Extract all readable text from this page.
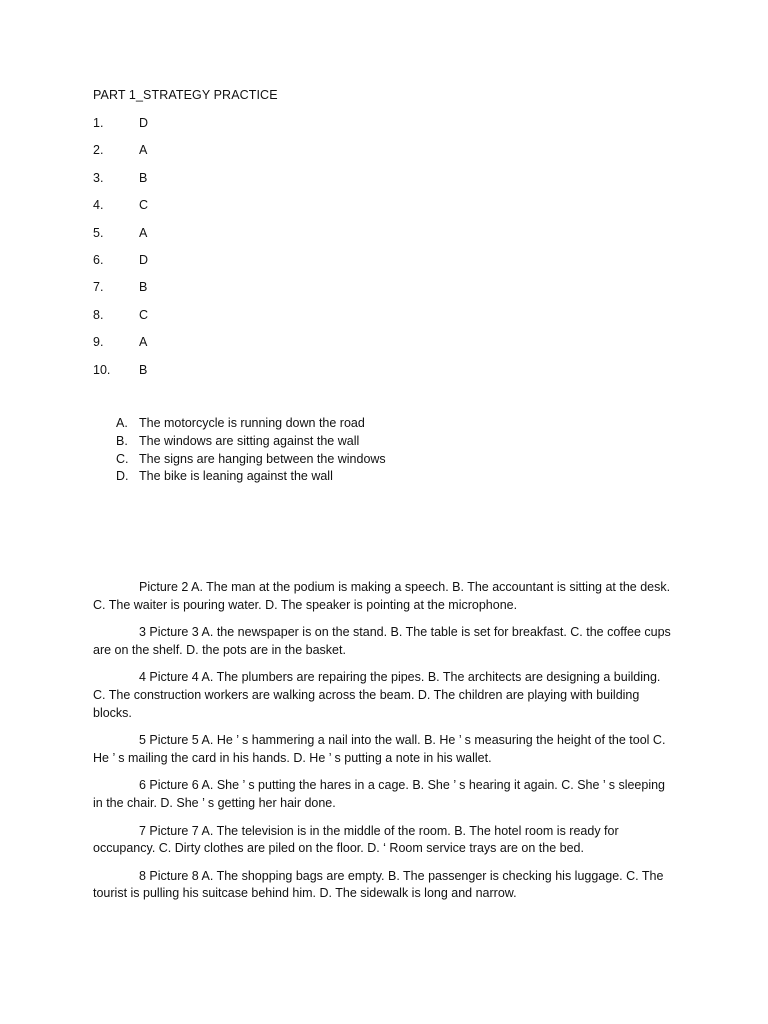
PART 1_STRATEGY PRACTICE
1.	D
2.	A
3.	B
4.	C
5.	A
6.	D
7.	B
8.	C
9.	A
10.	B
A. The motorcycle is running down the road
B. The windows are sitting against the wall
C. The signs are hanging between the windows
D. The bike is leaning against the wall

Picture 2 A. The man at the podium is making a speech. B. The accountant is sitting at the desk. C. The waiter is pouring water. D. The speaker is pointing at the microphone.

3 Picture 3 A. the newspaper is on the stand. B. The table is set for breakfast. C. the coffee cups are on the shelf. D. the pots are in the basket.

4 Picture 4 A. The plumbers are repairing the pipes. B. The architects are designing a building. C. The construction workers are walking across the beam. D. The children are playing with building blocks.

5 Picture 5 A. He ’ s hammering a nail into the wall. B. He ’ s measuring the height of the tool C. He ’ s mailing the card in his hands. D. He ’ s putting a note in his wallet.

6 Picture 6 A. She ’ s putting the hares in a cage. B. She ’ s hearing it again. C. She ’ s sleeping in the chair. D. She ’ s getting her hair done.

7 Picture 7 A. The television is in the middle of the room. B. The hotel room is ready for occupancy. C. Dirty clothes are piled on the floor. D. ‘ Room service trays are on the bed.

8 Picture 8 A. The shopping bags are empty. B. The passenger is checking his luggage. C. The tourist is pulling his suitcase behind him. D. The sidewalk is long and narrow.
